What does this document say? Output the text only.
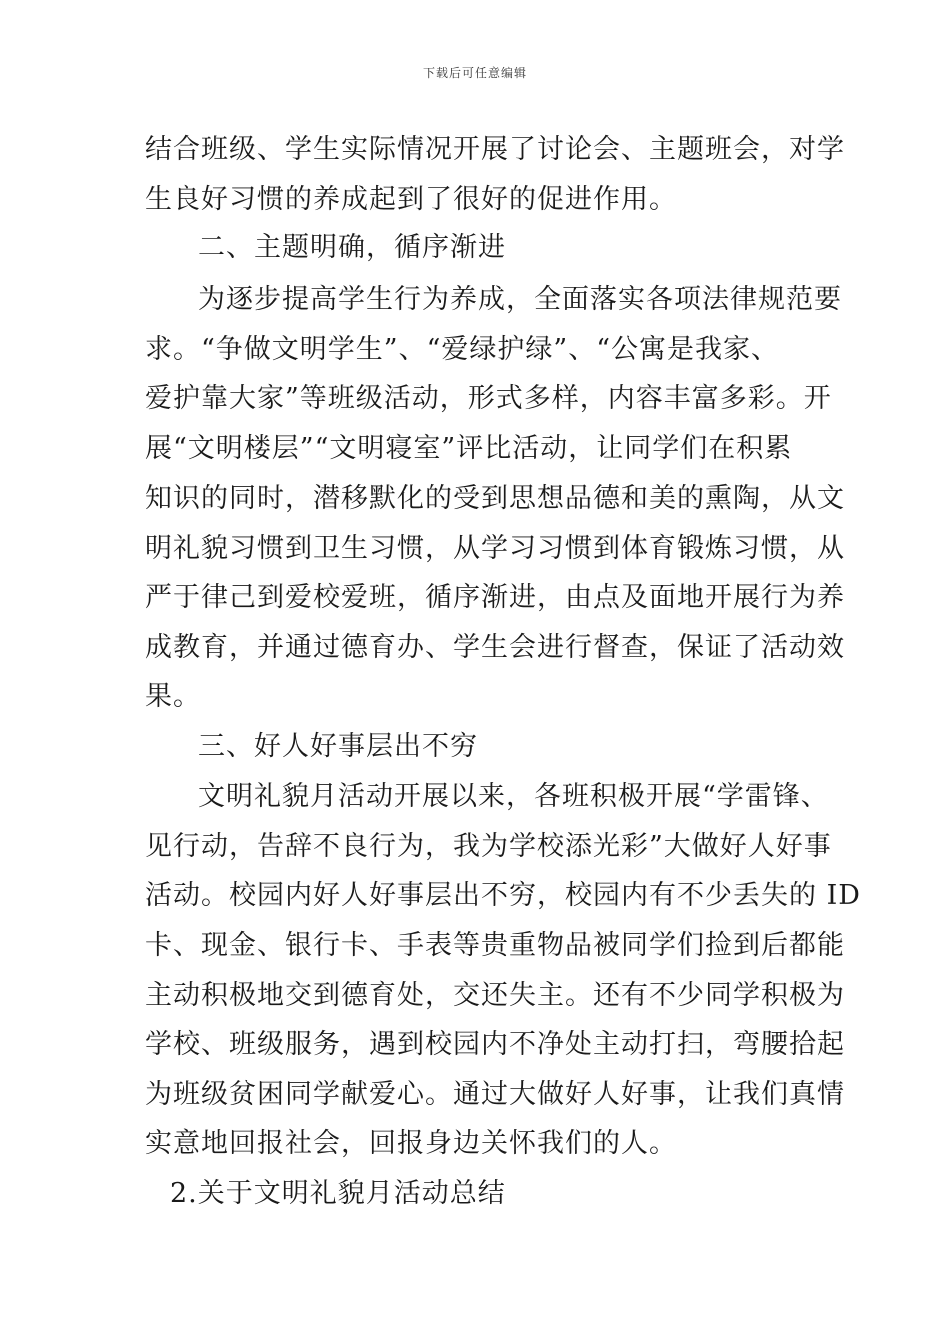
下载后可任意编辑
结合班级、学生实际情况开展了讨论会、主题班会，对学
生良好习惯的养成起到了很好的促进作用。
二、主题明确，循序渐进
为逐步提高学生行为养成，全面落实各项法律规范要
求。“争做文明学生”、“爱绿护绿”、“公寓是我家、
爱护靠大家”等班级活动，形式多样，内容丰富多彩。开
展“文明楼层”“文明寝室”评比活动，让同学们在积累
知识的同时，潜移默化的受到思想品德和美的熏陶，从文
明礼貌习惯到卫生习惯，从学习习惯到体育锻炼习惯，从
严于律己到爱校爱班，循序渐进，由点及面地开展行为养
成教育，并通过德育办、学生会进行督查，保证了活动效
果。
三、好人好事层出不穷
文明礼貌月活动开展以来，各班积极开展“学雷锋、
见行动，告辞不良行为，我为学校添光彩”大做好人好事
活动。校园内好人好事层出不穷，校园内有不少丢失的 ID
卡、现金、银行卡、手表等贵重物品被同学们捡到后都能
主动积极地交到德育处，交还失主。还有不少同学积极为
学校、班级服务，遇到校园内不净处主动打扫，弯腰拾起
为班级贫困同学献爱心。通过大做好人好事，让我们真情
实意地回报社会，回报身边关怀我们的人。
2.关于文明礼貌月活动总结
